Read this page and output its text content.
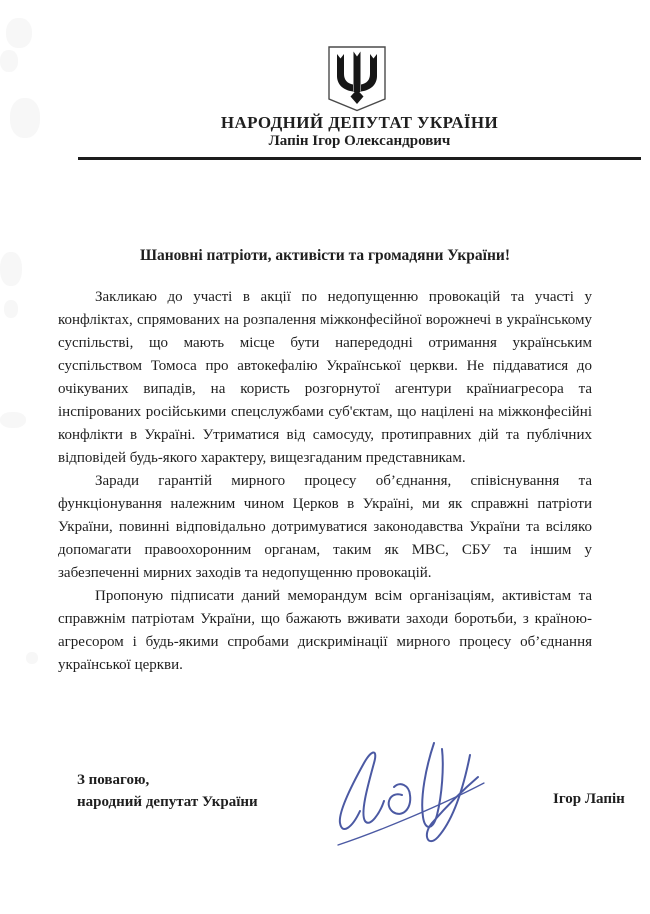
НАРОДНИЙ ДЕПУТАТ УКРАЇНИ
Лапін Ігор Олександрович
Шановні патріоти, активісти та громадяни України!

Закликаю до участі в акції по недопущенню провокацій та участі у конфліктах, спрямованих на розпалення міжконфесійної ворожнечі в українському суспільстві, що мають місце бути напередодні отримання українським суспільством Томоса про автокефалію Української церкви. Не піддаватися до очікуваних випадів, на користь розгорнутої агентури країниагресора та інспірованих російськими спецслужбами суб'єктам, що націлені на міжконфесійні конфлікти в Україні. Утриматися від самосуду, протиправних дій та публічних відповідей будь-якого характеру, вищезгаданим представникам.

Заради гарантій мирного процесу об’єднання, співіснування та функціонування належним чином Церков в Україні, ми як справжні патріоти України, повинні відповідально дотримуватися законодавства України та всіляко допомагати правоохоронним органам, таким як МВС, СБУ та іншим у забезпеченні мирних заходів та недопущенню провокацій.

Пропоную підписати даний меморандум всім організаціям, активістам та справжнім патріотам України, що бажають вживати заходи боротьби, з країною-агресором і будь-якими спробами дискримінації мирного процесу об’єднання української церкви.

З повагою,
народний депутат України	Ігор Лапін
